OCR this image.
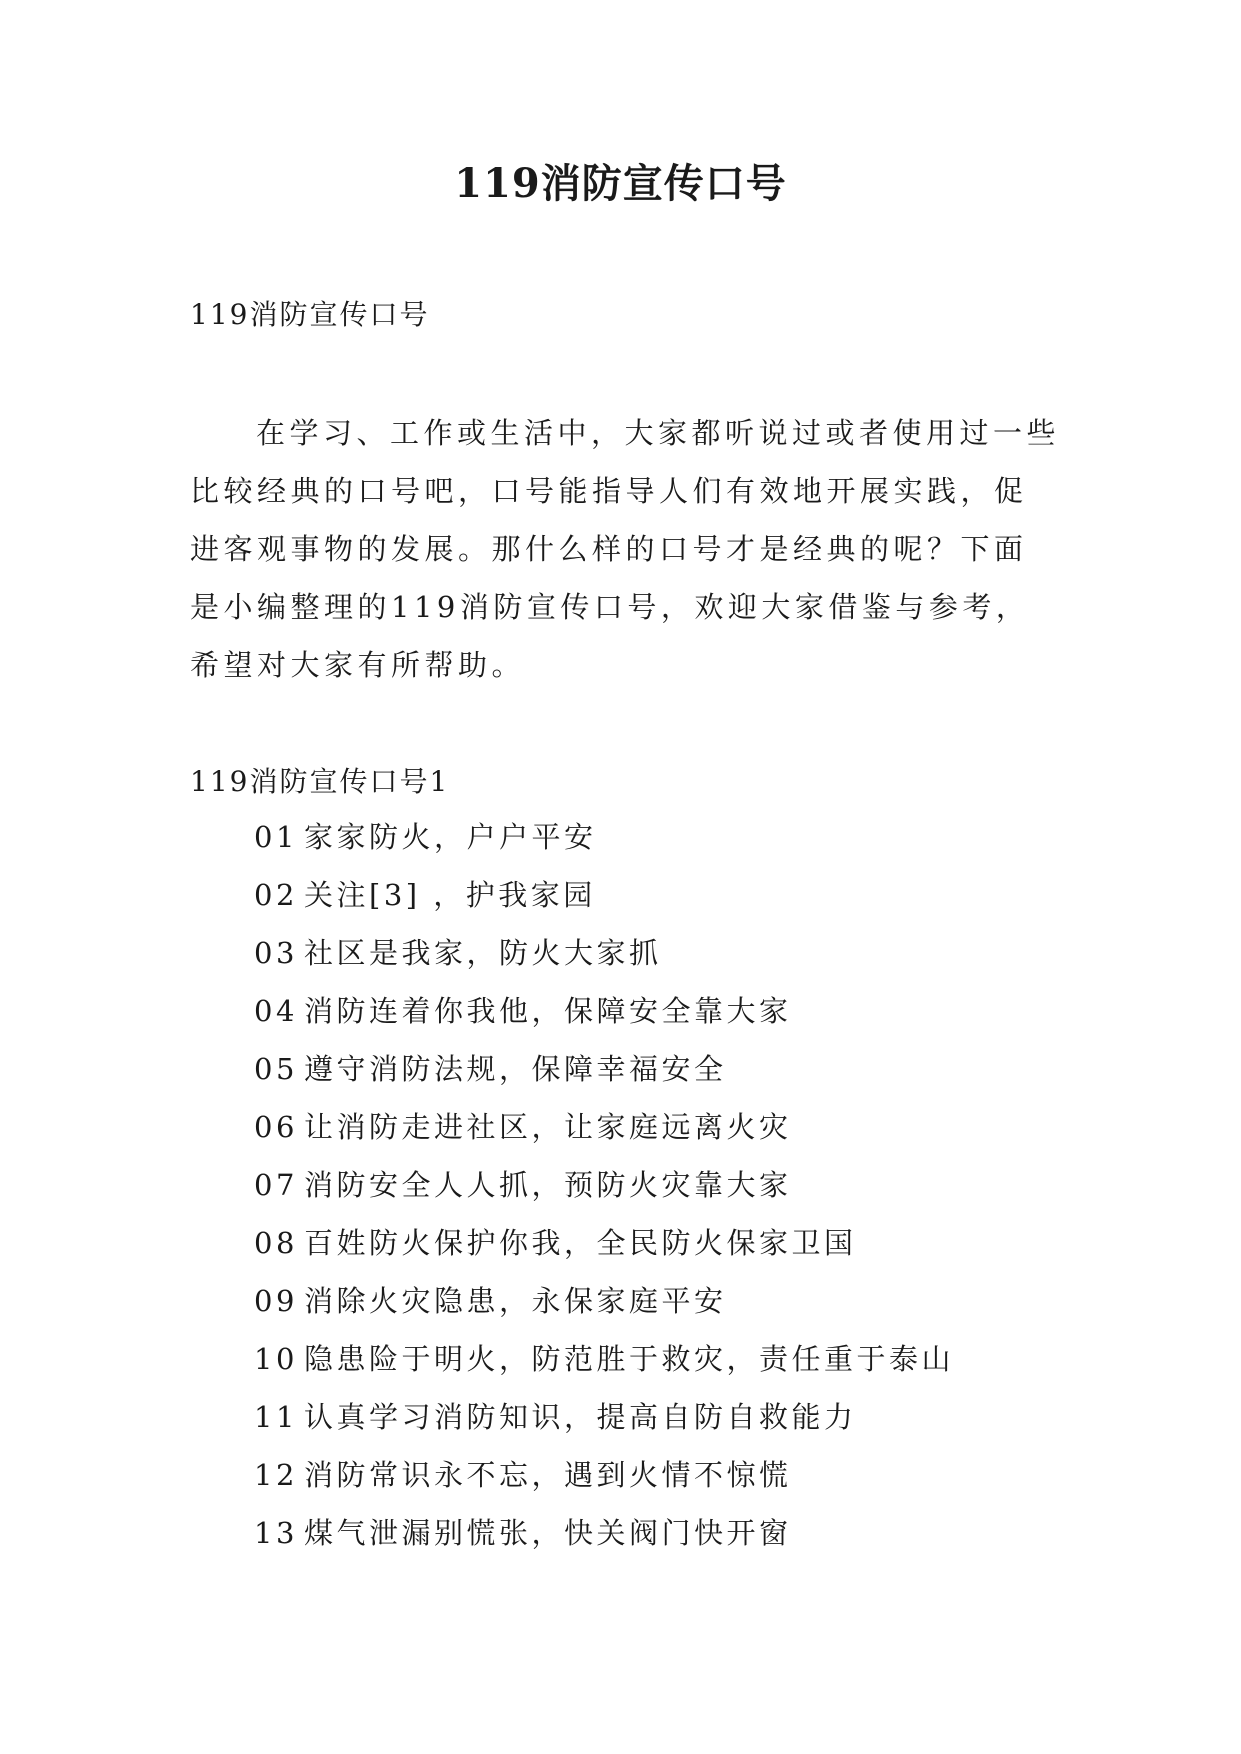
119消防宣传口号
119消防宣传口号

在学习、工作或生活中，大家都听说过或者使用过一些比较经典的口号吧，口号能指导人们有效地开展实践，促进客观事物的发展。那什么样的口号才是经典的呢？下面是小编整理的119消防宣传口号，欢迎大家借鉴与参考，希望对大家有所帮助。

119消防宣传口号1
01 家家防火，户户平安
02 关注[3] ，护我家园
03 社区是我家，防火大家抓
04 消防连着你我他，保障安全靠大家
05 遵守消防法规，保障幸福安全
06 让消防走进社区，让家庭远离火灾
07 消防安全人人抓，预防火灾靠大家
08 百姓防火保护你我，全民防火保家卫国
09 消除火灾隐患，永保家庭平安
10 隐患险于明火，防范胜于救灾，责任重于泰山
11 认真学习消防知识，提高自防自救能力
12 消防常识永不忘，遇到火情不惊慌
13 煤气泄漏别慌张，快关阀门快开窗
